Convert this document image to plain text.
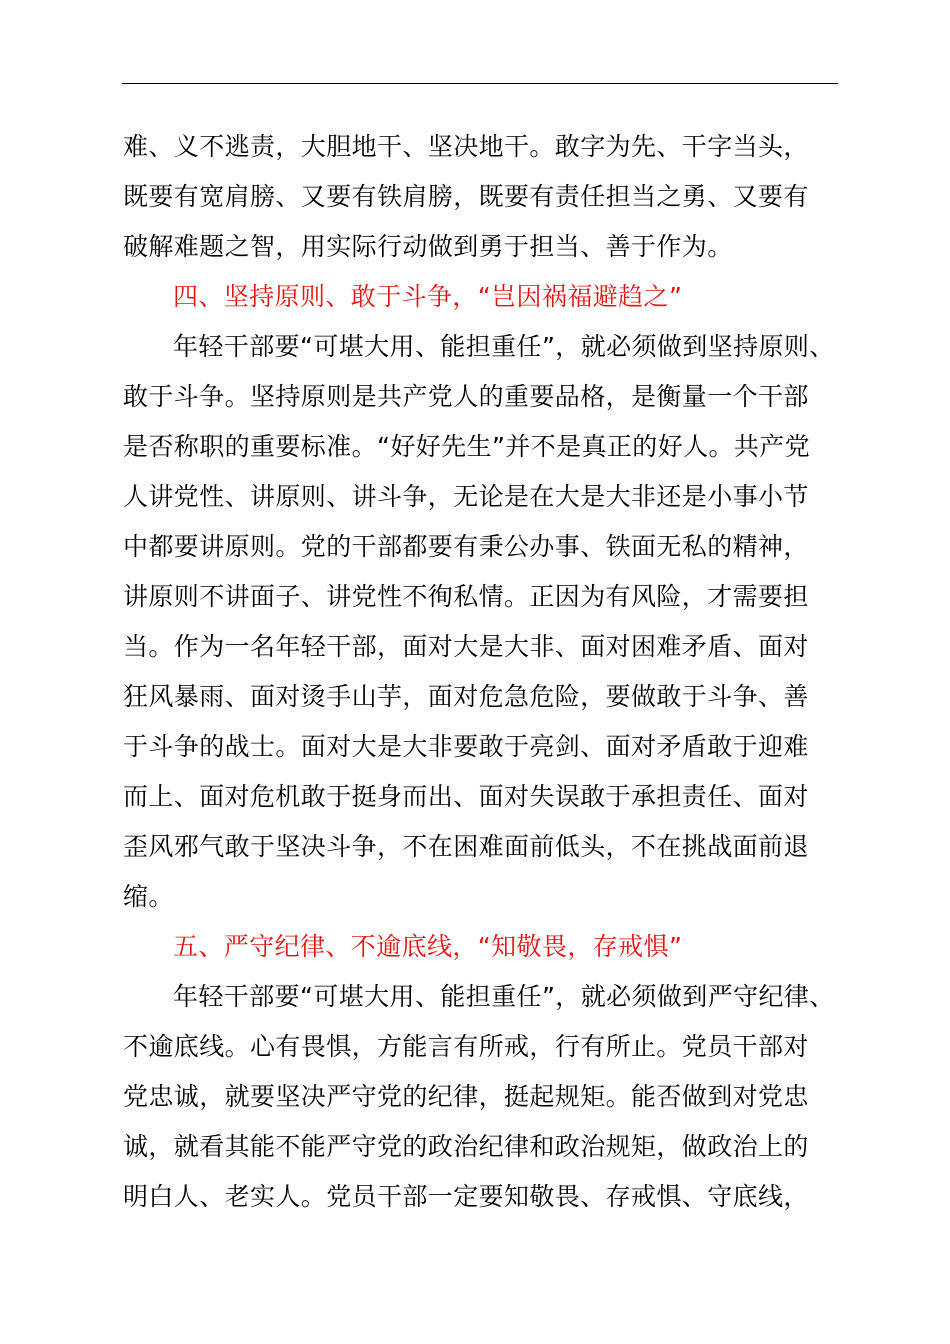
难、义不逃责，大胆地干、坚决地干。敢字为先、干字当头，
既要有宽肩膀、又要有铁肩膀，既要有责任担当之勇、又要有
破解难题之智，用实际行动做到勇于担当、善于作为。
四、坚持原则、敢于斗争，“岂因祸福避趋之”
年轻干部要“可堪大用、能担重任”，就必须做到坚持原则、
敢于斗争。坚持原则是共产党人的重要品格，是衡量一个干部
是否称职的重要标准。“好好先生”并不是真正的好人。共产党
人讲党性、讲原则、讲斗争，无论是在大是大非还是小事小节
中都要讲原则。党的干部都要有秉公办事、铁面无私的精神，
讲原则不讲面子、讲党性不徇私情。正因为有风险，才需要担
当。作为一名年轻干部，面对大是大非、面对困难矛盾、面对
狂风暴雨、面对烫手山芋，面对危急危险，要做敢于斗争、善
于斗争的战士。面对大是大非要敢于亮剑、面对矛盾敢于迎难
而上、面对危机敢于挺身而出、面对失误敢于承担责任、面对
歪风邪气敢于坚决斗争，不在困难面前低头，不在挑战面前退
缩。
五、严守纪律、不逾底线，“知敬畏，存戒惧”
年轻干部要“可堪大用、能担重任”，就必须做到严守纪律、
不逾底线。心有畏惧，方能言有所戒，行有所止。党员干部对
党忠诚，就要坚决严守党的纪律，挺起规矩。能否做到对党忠
诚，就看其能不能严守党的政治纪律和政治规矩，做政治上的
明白人、老实人。党员干部一定要知敬畏、存戒惧、守底线，
